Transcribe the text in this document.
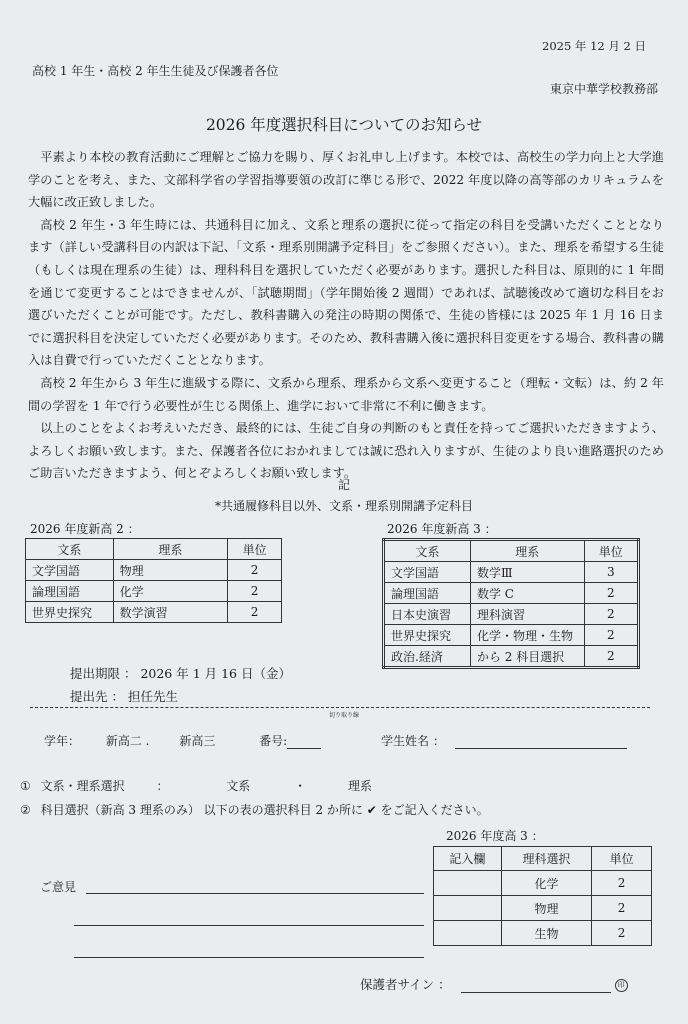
2025 年 12 月 2 日
高校 1 年生・高校 2 年生生徒及び保護者各位
東京中華学校教務部
2026 年度選択科目についてのお知らせ

平素より本校の教育活動にご理解とご協力を賜り、厚くお礼申し上げます。本校では、高校生の学力向上と大学進学のことを考え、また、文部科学省の学習指導要領の改訂に準じる形で、2022 年度以降の高等部のカリキュラムを大幅に改正致しました。

高校 2 年生・3 年生時には、共通科目に加え、文系と理系の選択に従って指定の科目を受講いただくこととなります（詳しい受講科目の内訳は下記、「文系・理系別開講予定科目」をご参照ください）。また、理系を希望する生徒（もしくは現在理系の生徒）は、理科科目を選択していただく必要があります。選択した科目は、原則的に 1 年間を通じて変更することはできませんが、「試聴期間」（学年開始後 2 週間）であれば、試聴後改めて適切な科目をお選びいただくことが可能です。ただし、教科書購入の発注の時期の関係で、生徒の皆様には 2025 年 1 月 16 日までに選択科目を決定していただく必要があります。そのため、教科書購入後に選択科目変更をする場合、教科書の購入は自費で行っていただくこととなります。

高校 2 年生から 3 年生に進級する際に、文系から理系、理系から文系へ変更すること（理転・文転）は、約 2 年間の学習を 1 年で行う必要性が生じる関係上、進学において非常に不利に働きます。

以上のことをよくお考えいただき、最終的には、生徒ご自身の判断のもと責任を持ってご選択いただきますよう、よろしくお願い致します。また、保護者各位におかれましては誠に恐れ入りますが、生徒のより良い進路選択のためご助言いただきますよう、何とぞよろしくお願い致します。

記
*共通履修科目以外、文系・理系別開講予定科目
2026 年度新高 2 ：
文系	理系	単位
文学国語	物理	2
論理国語	化学	2
世界史探究	数学演習	2
2026 年度新高 3 ：
文系	理系	単位
文学国語	数学Ⅲ	3
論理国語	数学 C	2
日本史演習	理科演習	2
世界史探究	化学・物理・生物	2
政治.経済	から 2 科目選択	2
提出期限 ： 2026 年 1 月 16 日（金）
提出先 ： 担任先生
切り取り線
学年： 新高二 . 新高三	番号:	学生姓名 ：
① 文系・理系選択	：	文系	・	理系
② 科目選択（新高 3 理系のみ） 以下の表の選択科目 2 か所に ✔ をご記入ください。
2026 年度高 3 ：
記入欄	理科選択	単位
	化学	2
	物理	2
	生物	2
ご意見
保護者サイン ：	印
